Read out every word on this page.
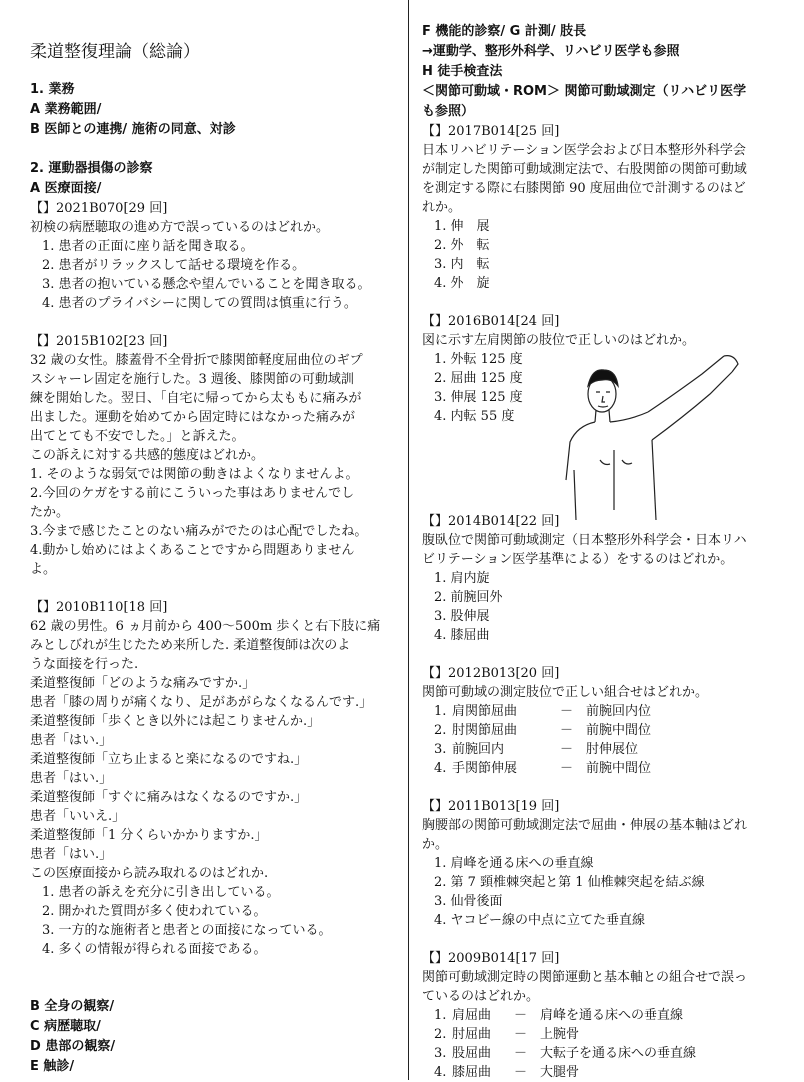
柔道整復理論（総論）
1. 業務
A 業務範囲/
B 医師との連携/ 施術の同意、対診
2. 運動器損傷の診察
A 医療面接/
【】2021B070[29 回]
初検の病歴聴取の進め方で誤っているのはどれか。
1. 患者の正面に座り話を聞き取る。
2. 患者がリラックスして話せる環境を作る。
3. 患者の抱いている懸念や望んでいることを聞き取る。
4. 患者のプライバシーに関しての質問は慎重に行う。
【】2015B102[23 回]
32 歳の女性。膝蓋骨不全骨折で膝関節軽度屈曲位のギプ
スシャーレ固定を施行した。3 週後、膝関節の可動域訓
練を開始した。翌日、「自宅に帰ってから太ももに痛みが
出ました。運動を始めてから固定時にはなかった痛みが
出てとても不安でした。」と訴えた。
この訴えに対する共感的態度はどれか。
1. そのような弱気では関節の動きはよくなりませんよ。
2.今回のケガをする前にこういった事はありませんでし
たか。
3.今まで感じたことのない痛みがでたのは心配でしたね。
4.動かし始めにはよくあることですから問題ありません
よ。
【】2010B110[18 回]
62 歳の男性。6 ヵ月前から 400～500m 歩くと右下肢に痛
みとしびれが生じたため来所した. 柔道整復師は次のよ
うな面接を行った.
柔道整復師「どのような痛みですか.」
患者「膝の周りが痛くなり、足があがらなくなるんです.」
柔道整復師「歩くとき以外には起こりませんか.」
患者「はい.」
柔道整復師「立ち止まると楽になるのですね.」
患者「はい.」
柔道整復師「すぐに痛みはなくなるのですか.」
患者「いいえ.」
柔道整復師「1 分くらいかかりますか.」
患者「はい.」
この医療面接から読み取れるのはどれか.
1. 患者の訴えを充分に引き出している。
2. 開かれた質問が多く使われている。
3. 一方的な施術者と患者との面接になっている。
4. 多くの情報が得られる面接である。
B 全身の観察/
C 病歴聴取/
D 患部の観察/
E 触診/
F 機能的診察/ G 計測/ 肢長
→運動学、整形外科学、リハビリ医学も参照
H 徒手検査法
＜関節可動域・ROM＞ 関節可動域測定（リハビリ医学
も参照）
【】2017B014[25 回]
日本リハビリテーション医学会および日本整形外科学会
が制定した関節可動域測定法で、右股関節の関節可動域
を測定する際に右膝関節 90 度屈曲位で計測するのはど
れか。
1. 伸　展
2. 外　転
3. 内　転
4. 外　旋
【】2016B014[24 回]
図に示す左肩関節の肢位で正しいのはどれか。
1. 外転 125 度
2. 屈曲 125 度
3. 伸展 125 度
4. 内転 55 度
【】2014B014[22 回]
腹臥位で関節可動域測定（日本整形外科学会・日本リハ
ビリテーション医学基準による）をするのはどれか。
1. 肩内旋
2. 前腕回外
3. 股伸展
4. 膝屈曲
【】2012B013[20 回]
関節可動域の測定肢位で正しい組合せはどれか。
1. 肩関節屈曲	－ 前腕回内位
2. 肘関節屈曲	－ 前腕中間位
3. 前腕回内	－ 肘伸展位
4. 手関節伸展	－ 前腕中間位
【】2011B013[19 回]
胸腰部の関節可動域測定法で屈曲・伸展の基本軸はどれ
か。
1. 肩峰を通る床への垂直線
2. 第 7 頸椎棘突起と第 1 仙椎棘突起を結ぶ線
3. 仙骨後面
4. ヤコビー線の中点に立てた垂直線
【】2009B014[17 回]
関節可動域測定時の関節運動と基本軸との組合せで誤っ
ているのはどれか。
1. 肩屈曲	－ 肩峰を通る床への垂直線
2. 肘屈曲	－ 上腕骨
3. 股屈曲	－ 大転子を通る床への垂直線
4. 膝屈曲	－ 大腿骨
